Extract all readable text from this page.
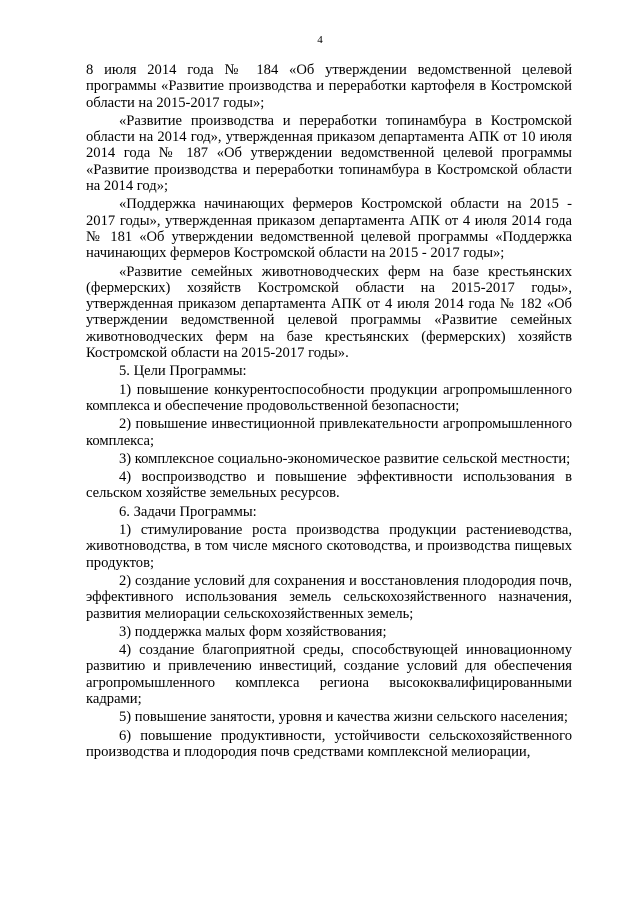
4

8 июля 2014 года № 184 «Об утверждении ведомственной целевой программы «Развитие производства и переработки картофеля в Костромской области на 2015-2017 годы»;

«Развитие производства и переработки топинамбура в Костромской области на 2014 год», утвержденная приказом департамента АПК от 10 июля 2014 года № 187 «Об утверждении ведомственной целевой программы «Развитие производства и переработки топинамбура в Костромской области на 2014 год»;

«Поддержка начинающих фермеров Костромской области на 2015 - 2017 годы», утвержденная приказом департамента АПК от 4 июля 2014 года № 181 «Об утверждении ведомственной целевой программы «Поддержка начинающих фермеров Костромской области на 2015 - 2017 годы»;

«Развитие семейных животноводческих ферм на базе крестьянских (фермерских) хозяйств Костромской области на 2015-2017 годы», утвержденная приказом департамента АПК от 4 июля 2014 года № 182 «Об утверждении ведомственной целевой программы «Развитие семейных животноводческих ферм на базе крестьянских (фермерских) хозяйств Костромской области на 2015-2017 годы».

5. Цели Программы:

1) повышение конкурентоспособности продукции агропромышленного комплекса и обеспечение продовольственной безопасности;

2) повышение инвестиционной привлекательности агропромышленного комплекса;

3) комплексное социально-экономическое развитие сельской местности;

4) воспроизводство и повышение эффективности использования в сельском хозяйстве земельных ресурсов.

6. Задачи Программы:

1) стимулирование роста производства продукции растениеводства, животноводства, в том числе мясного скотоводства, и производства пищевых продуктов;

2) создание условий для сохранения и восстановления плодородия почв, эффективного использования земель сельскохозяйственного назначения, развития мелиорации сельскохозяйственных земель;

3) поддержка малых форм хозяйствования;

4) создание благоприятной среды, способствующей инновационному развитию и привлечению инвестиций, создание условий для обеспечения агропромышленного комплекса региона высококвалифицированными кадрами;

5) повышение занятости, уровня и качества жизни сельского населения;

6) повышение продуктивности, устойчивости сельскохозяйственного производства и плодородия почв средствами комплексной мелиорации,
